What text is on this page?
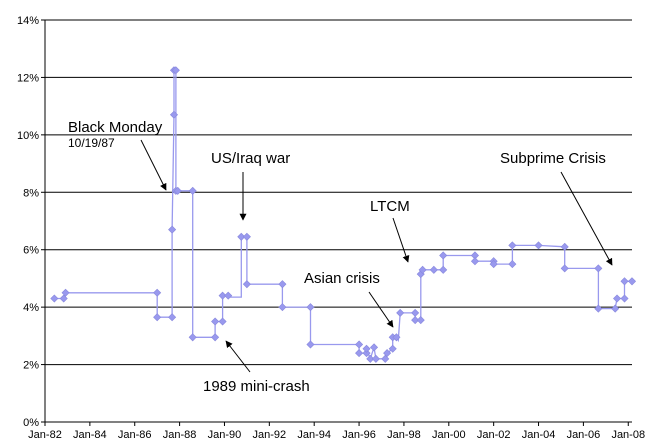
0%
2%
4%
6%
8%
10%
12%
14%
Jan-82 Jan-84 Jan-86 Jan-88 Jan-90 Jan-92 Jan-94 Jan-96 Jan-98 Jan-00 Jan-02 Jan-04 Jan-06 Jan-08
Black Monday
10/19/87
US/Iraq war
LTCM
Subprime Crisis
Asian crisis
1989 mini-crash
